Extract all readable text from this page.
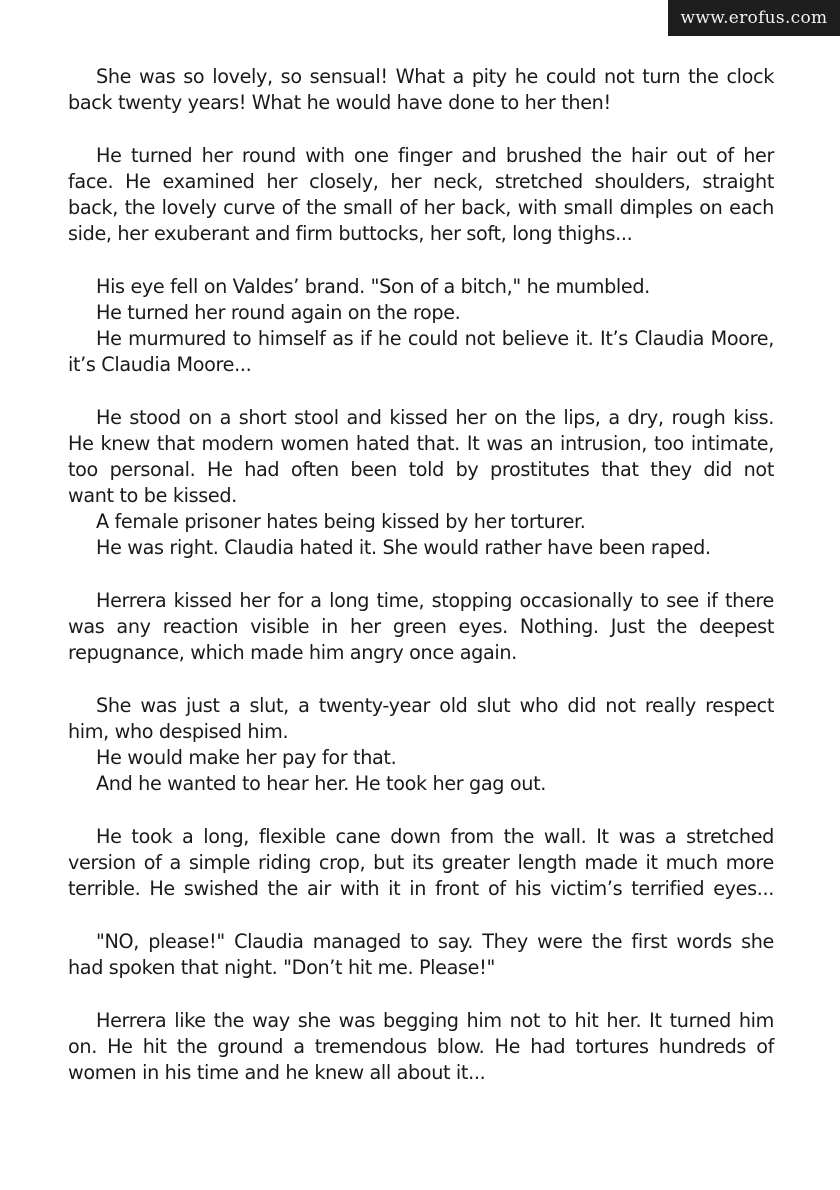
www.erofus.com
She was so lovely, so sensual! What a pity he could not turn the clock
back twenty years! What he would have done to her then!
He turned her round with one finger and brushed the hair out of her
face. He examined her closely, her neck, stretched shoulders, straight
back, the lovely curve of the small of her back, with small dimples on each
side, her exuberant and firm buttocks, her soft, long thighs...
His eye fell on Valdes’ brand. "Son of a bitch," he mumbled.
He turned her round again on the rope.
He murmured to himself as if he could not believe it. It’s Claudia Moore,
it’s Claudia Moore...
He stood on a short stool and kissed her on the lips, a dry, rough kiss.
He knew that modern women hated that. It was an intrusion, too intimate,
too personal. He had often been told by prostitutes that they did not
want to be kissed.
A female prisoner hates being kissed by her torturer.
He was right. Claudia hated it. She would rather have been raped.
Herrera kissed her for a long time, stopping occasionally to see if there
was any reaction visible in her green eyes. Nothing. Just the deepest
repugnance, which made him angry once again.
She was just a slut, a twenty-year old slut who did not really respect
him, who despised him.
He would make her pay for that.
And he wanted to hear her. He took her gag out.
He took a long, flexible cane down from the wall. It was a stretched
version of a simple riding crop, but its greater length made it much more
terrible. He swished the air with it in front of his victim’s terrified eyes...
"NO, please!" Claudia managed to say. They were the first words she
had spoken that night. "Don’t hit me. Please!"
Herrera like the way she was begging him not to hit her. It turned him
on. He hit the ground a tremendous blow. He had tortures hundreds of
women in his time and he knew all about it...
